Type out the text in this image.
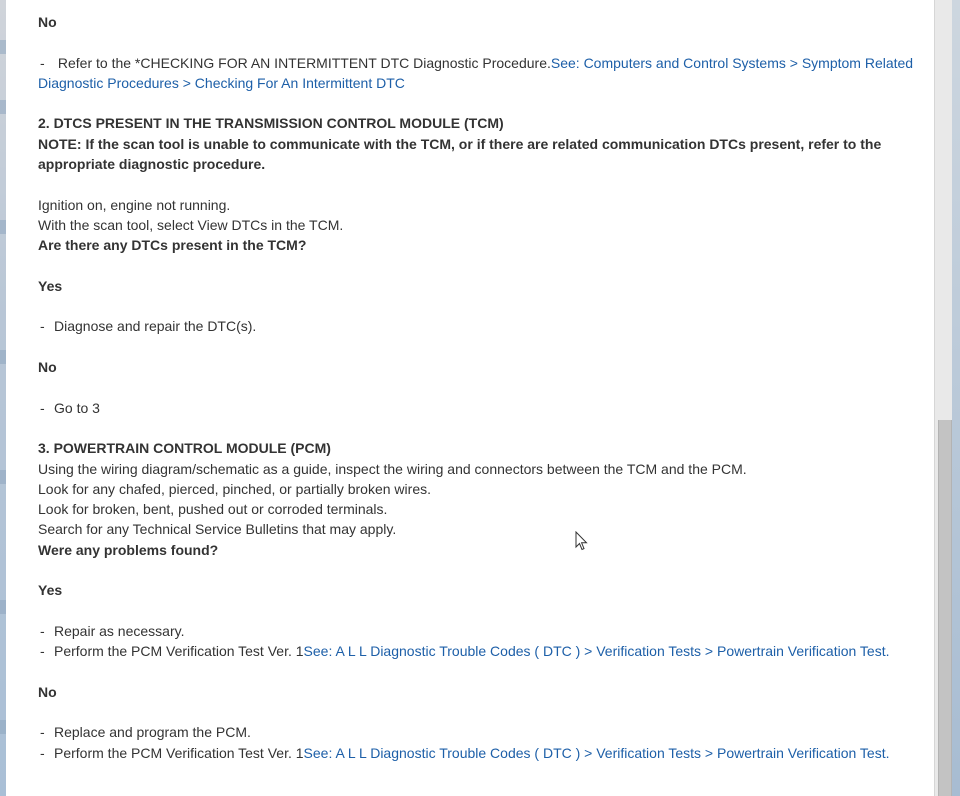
No
- Refer to the *CHECKING FOR AN INTERMITTENT DTC Diagnostic Procedure.See: Computers and Control Systems > Symptom Related Diagnostic Procedures > Checking For An Intermittent DTC
2. DTCS PRESENT IN THE TRANSMISSION CONTROL MODULE (TCM)
NOTE: If the scan tool is unable to communicate with the TCM, or if there are related communication DTCs present, refer to the appropriate diagnostic procedure.
Ignition on, engine not running.
With the scan tool, select View DTCs in the TCM.
Are there any DTCs present in the TCM?
Yes
- Diagnose and repair the DTC(s).
No
- Go to 3
3. POWERTRAIN CONTROL MODULE (PCM)
Using the wiring diagram/schematic as a guide, inspect the wiring and connectors between the TCM and the PCM.
Look for any chafed, pierced, pinched, or partially broken wires.
Look for broken, bent, pushed out or corroded terminals.
Search for any Technical Service Bulletins that may apply.
Were any problems found?
Yes
- Repair as necessary.
- Perform the PCM Verification Test Ver. 1See: A L L Diagnostic Trouble Codes ( DTC ) > Verification Tests > Powertrain Verification Test.
No
- Replace and program the PCM.
- Perform the PCM Verification Test Ver. 1See: A L L Diagnostic Trouble Codes ( DTC ) > Verification Tests > Powertrain Verification Test.
